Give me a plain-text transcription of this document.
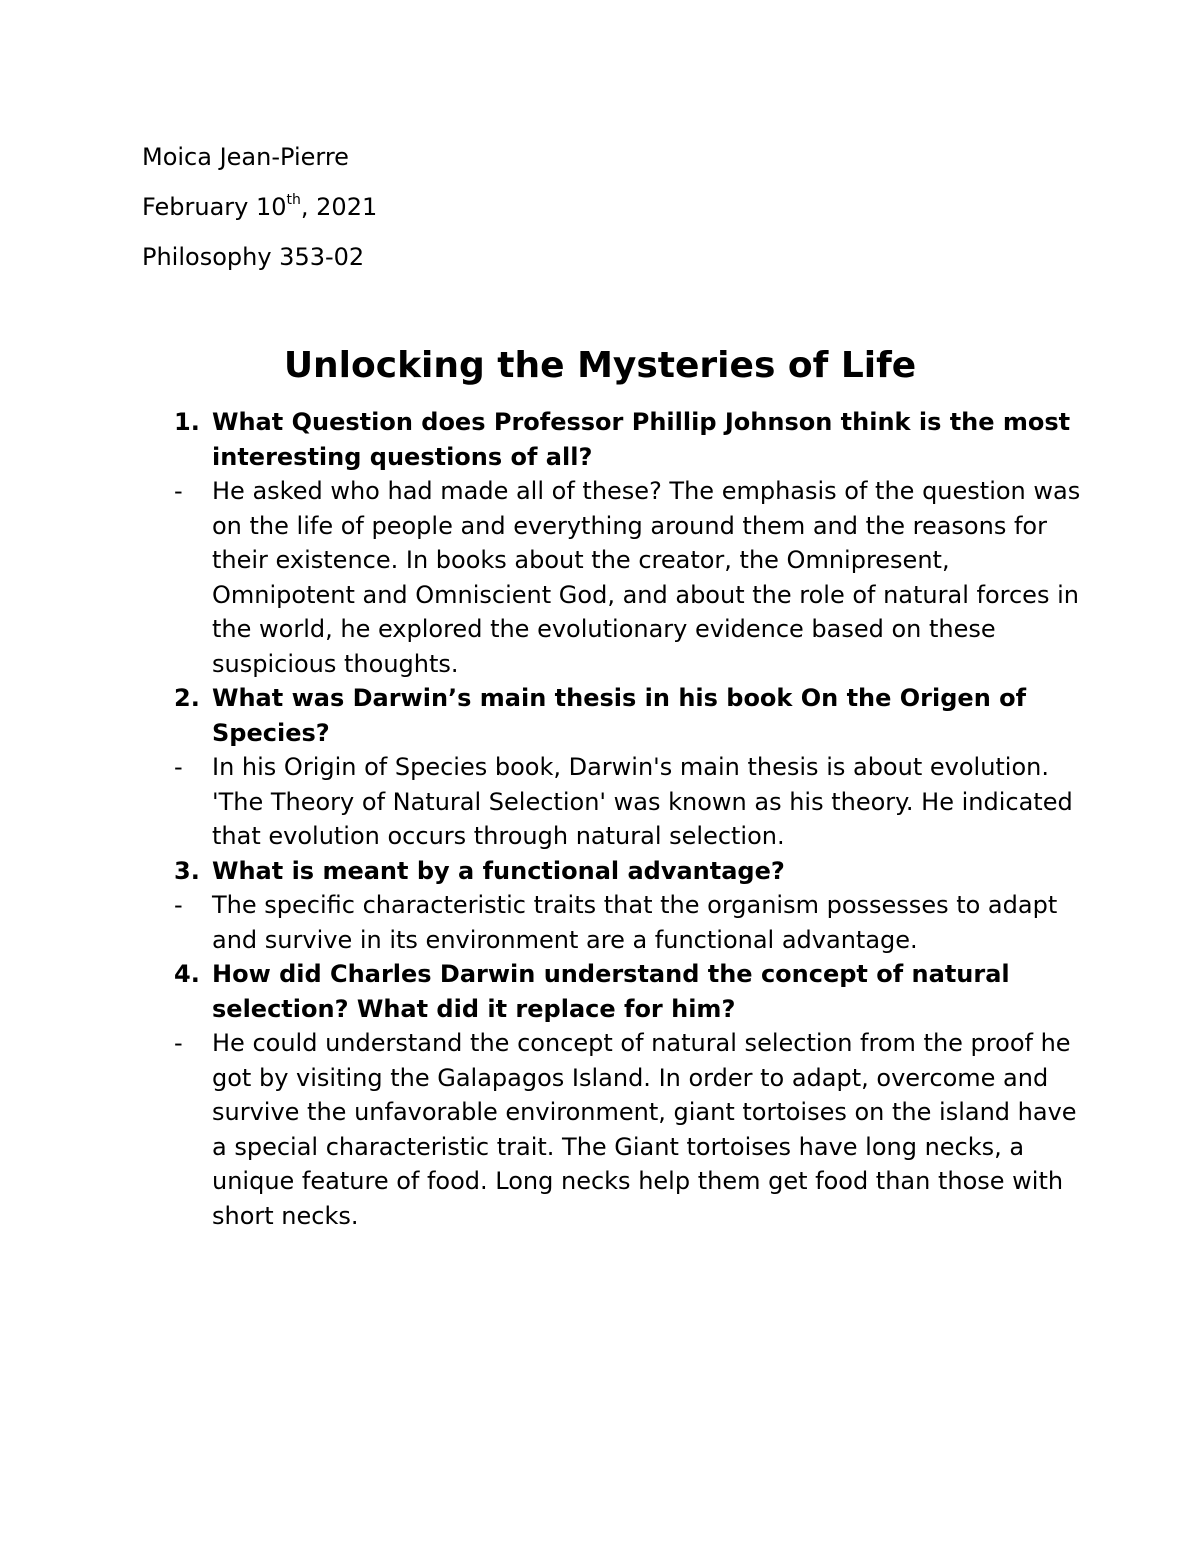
Moica Jean-Pierre

February 10th, 2021

Philosophy 353-02

Unlocking the Mysteries of Life

1. What Question does Professor Phillip Johnson think is the most interesting questions of all?

-	He asked who had made all of these? The emphasis of the question was on the life of people and everything around them and the reasons for their existence. In books about the creator, the Omnipresent, Omnipotent and Omniscient God, and about the role of natural forces in the world, he explored the evolutionary evidence based on these suspicious thoughts.

2. What was Darwin’s main thesis in his book On the Origen of Species?

-	In his Origin of Species book, Darwin's main thesis is about evolution. 'The Theory of Natural Selection' was known as his theory. He indicated that evolution occurs through natural selection.

3. What is meant by a functional advantage?

-	The specific characteristic traits that the organism possesses to adapt and survive in its environment are a functional advantage.

4. How did Charles Darwin understand the concept of natural selection? What did it replace for him?

-	He could understand the concept of natural selection from the proof he got by visiting the Galapagos Island. In order to adapt, overcome and survive the unfavorable environment, giant tortoises on the island have a special characteristic trait. The Giant tortoises have long necks, a unique feature of food. Long necks help them get food than those with short necks.
